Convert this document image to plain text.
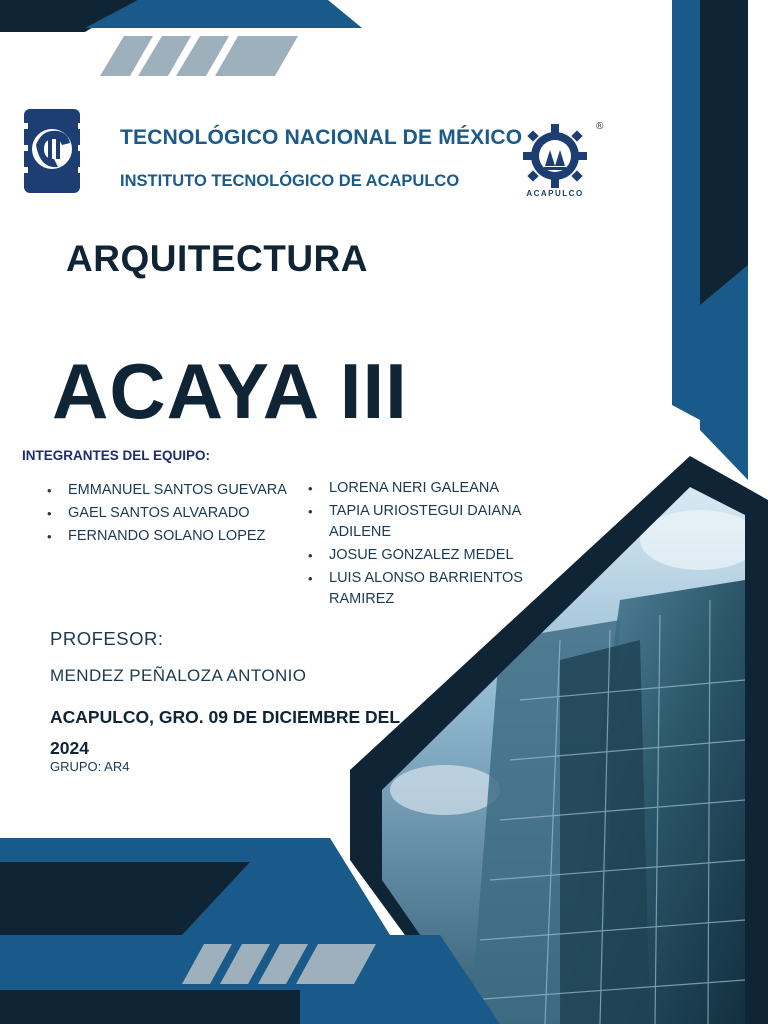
TECNOLÓGICO NACIONAL DE MÉXICO

INSTITUTO TECNOLÓGICO DE ACAPULCO

ACAPULCO
®

ARQUITECTURA

ACAYA III

INTEGRANTES DEL EQUIPO:

• EMMANUEL SANTOS GUEVARA
• GAEL SANTOS ALVARADO
• FERNANDO SOLANO LOPEZ
• LORENA NERI GALEANA
• TAPIA URIOSTEGUI DAIANA ADILENE
• JOSUE GONZALEZ MEDEL
• LUIS ALONSO BARRIENTOS RAMIREZ

PROFESOR:

MENDEZ PEÑALOZA ANTONIO

ACAPULCO, GRO. 09 DE DICIEMBRE DEL 2024

GRUPO: AR4
